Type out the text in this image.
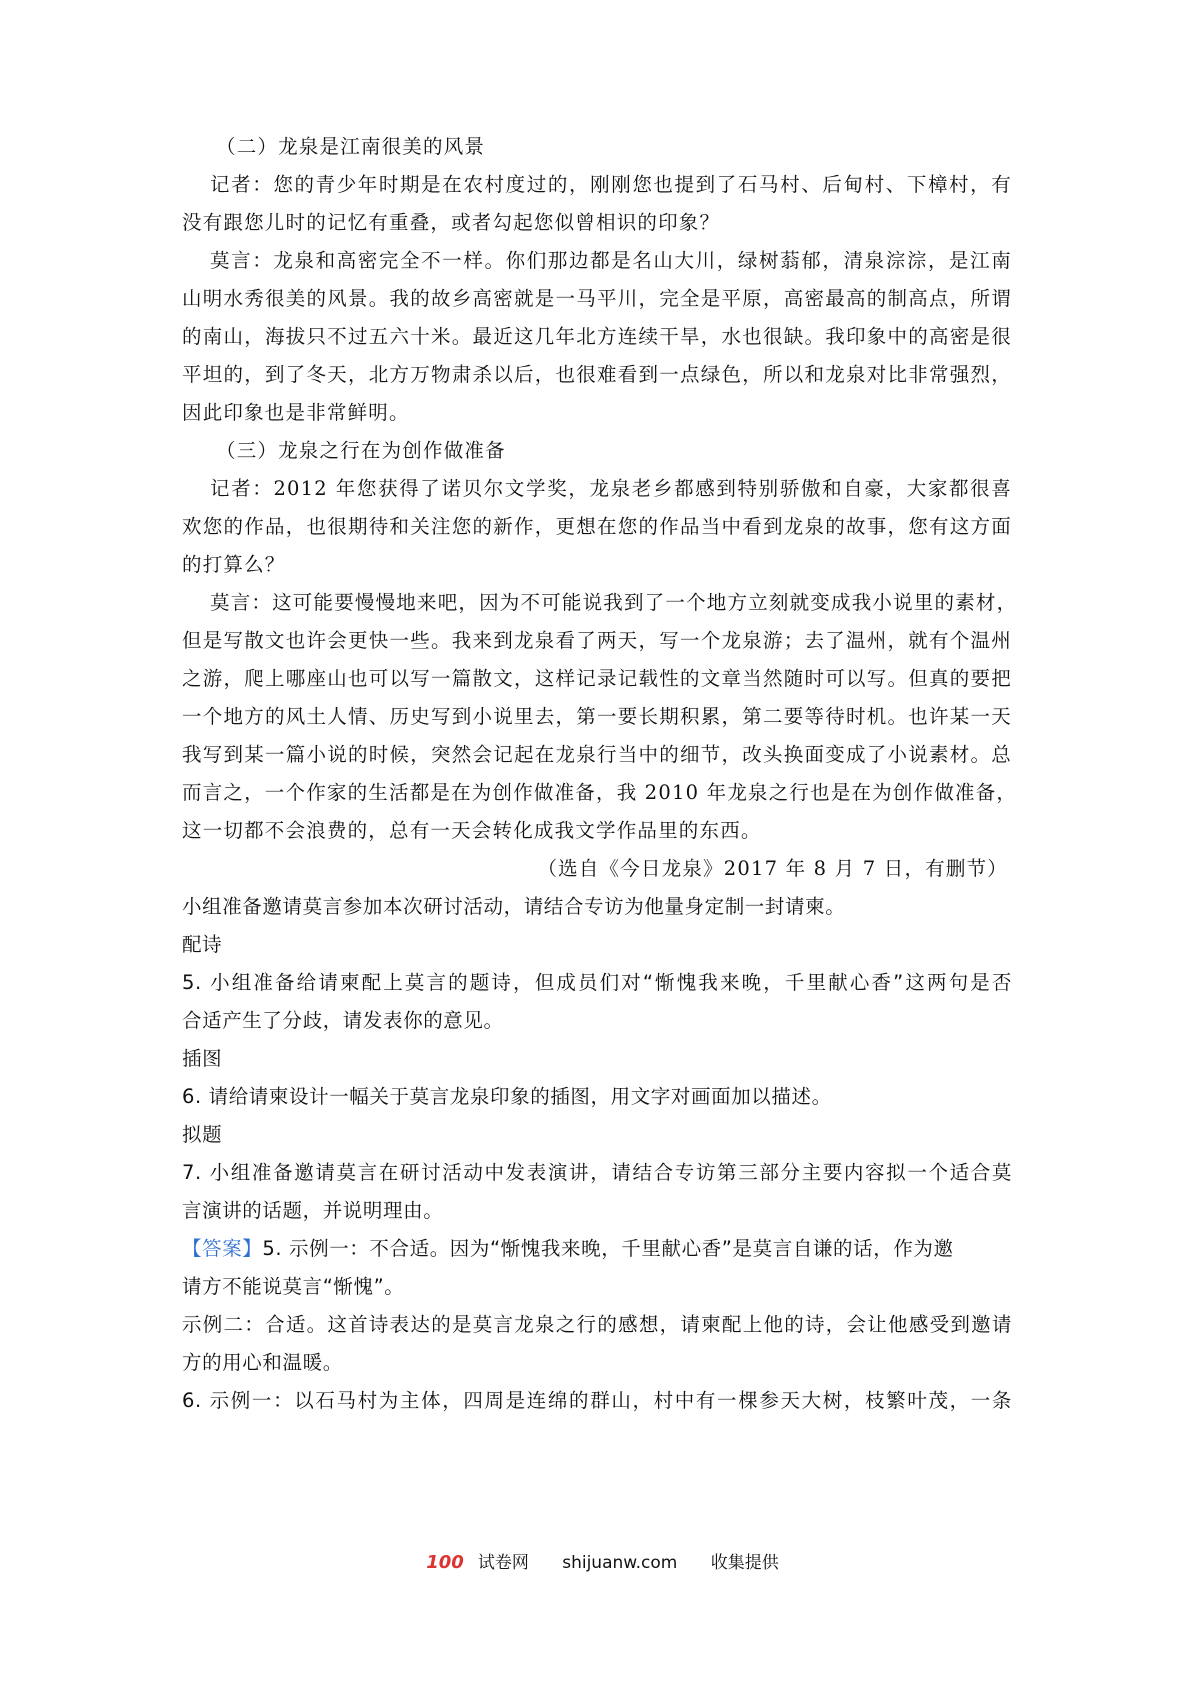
（二）龙泉是江南很美的风景
记者：您的青少年时期是在农村度过的，刚刚您也提到了石马村、后甸村、下樟村，有
没有跟您儿时的记忆有重叠，或者勾起您似曾相识的印象？
莫言：龙泉和高密完全不一样。你们那边都是名山大川，绿树蓊郁，清泉淙淙，是江南
山明水秀很美的风景。我的故乡高密就是一马平川，完全是平原，高密最高的制高点，所谓
的南山，海拔只不过五六十米。最近这几年北方连续干旱，水也很缺。我印象中的高密是很
平坦的，到了冬天，北方万物肃杀以后，也很难看到一点绿色，所以和龙泉对比非常强烈，
因此印象也是非常鲜明。
（三）龙泉之行在为创作做准备
记者：2012 年您获得了诺贝尔文学奖，龙泉老乡都感到特别骄傲和自豪，大家都很喜
欢您的作品，也很期待和关注您的新作，更想在您的作品当中看到龙泉的故事，您有这方面
的打算么？
莫言：这可能要慢慢地来吧，因为不可能说我到了一个地方立刻就变成我小说里的素材，
但是写散文也许会更快一些。我来到龙泉看了两天，写一个龙泉游；去了温州，就有个温州
之游，爬上哪座山也可以写一篇散文，这样记录记载性的文章当然随时可以写。但真的要把
一个地方的风土人情、历史写到小说里去，第一要长期积累，第二要等待时机。也许某一天
我写到某一篇小说的时候，突然会记起在龙泉行当中的细节，改头换面变成了小说素材。总
而言之，一个作家的生活都是在为创作做准备，我 2010 年龙泉之行也是在为创作做准备，
这一切都不会浪费的，总有一天会转化成我文学作品里的东西。
（选自《今日龙泉》2017 年 8 月 7 日，有删节）
小组准备邀请莫言参加本次研讨活动，请结合专访为他量身定制一封请柬。
配诗
5. 小组准备给请柬配上莫言的题诗，但成员们对“惭愧我来晚，千里献心香”这两句是否
合适产生了分歧，请发表你的意见。
插图
6. 请给请柬设计一幅关于莫言龙泉印象的插图，用文字对画面加以描述。
拟题
7. 小组准备邀请莫言在研讨活动中发表演讲，请结合专访第三部分主要内容拟一个适合莫
言演讲的话题，并说明理由。
【答案】5. 示例一：不合适。因为“惭愧我来晚，千里献心香”是莫言自谦的话，作为邀
请方不能说莫言“惭愧”。
示例二：合适。这首诗表达的是莫言龙泉之行的感想，请柬配上他的诗，会让他感受到邀请
方的用心和温暖。
6. 示例一：以石马村为主体，四周是连绵的群山，村中有一棵参天大树，枝繁叶茂，一条
100 试卷网 shijuanw.com 收集提供
